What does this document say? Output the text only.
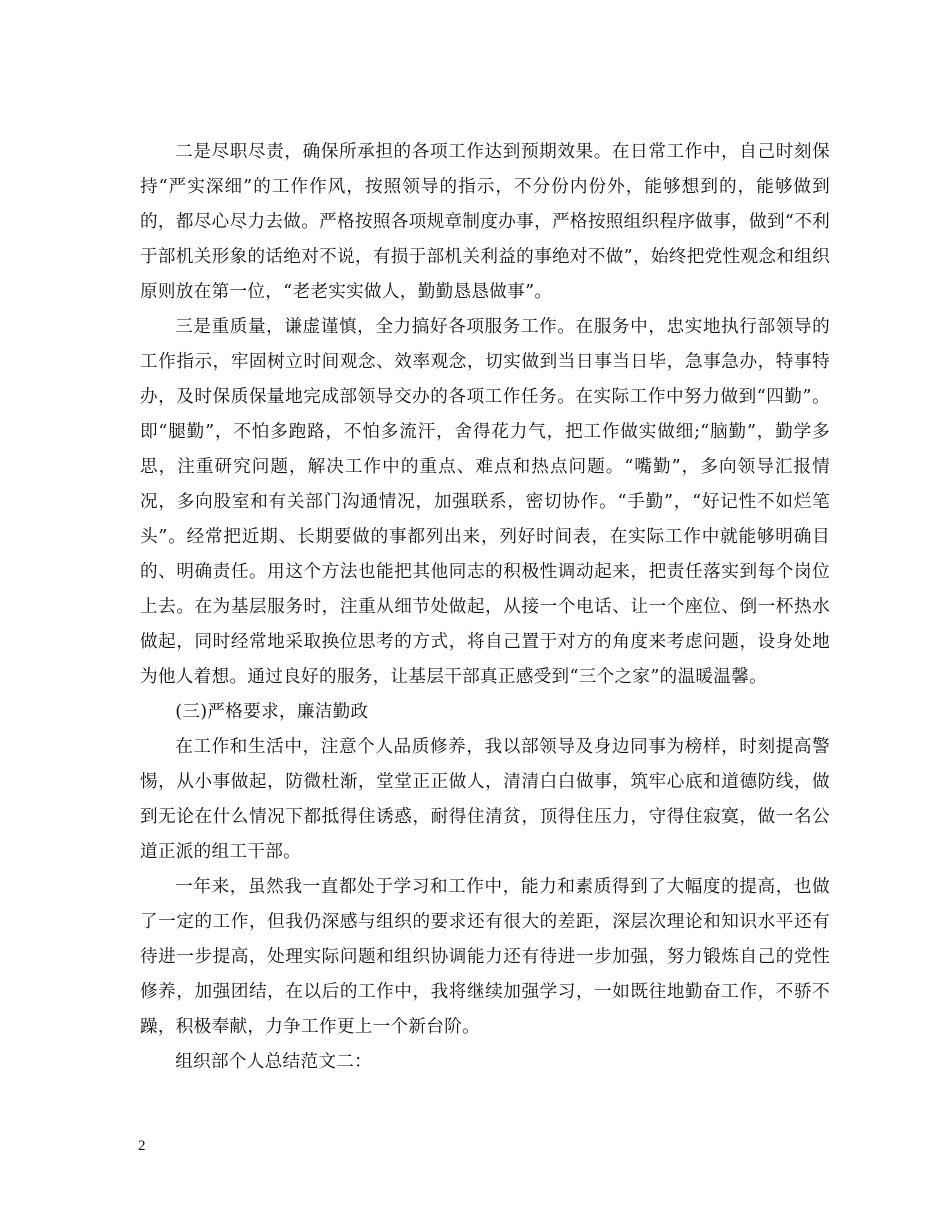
二是尽职尽责，确保所承担的各项工作达到预期效果。在日常工作中，自己时刻保持“严实深细”的工作作风，按照领导的指示，不分份内份外，能够想到的，能够做到的，都尽心尽力去做。严格按照各项规章制度办事，严格按照组织程序做事，做到“不利于部机关形象的话绝对不说，有损于部机关利益的事绝对不做”，始终把党性观念和组织原则放在第一位，“老老实实做人，勤勤恳恳做事”。

三是重质量，谦虚谨慎，全力搞好各项服务工作。在服务中，忠实地执行部领导的工作指示，牢固树立时间观念、效率观念，切实做到当日事当日毕，急事急办，特事特办，及时保质保量地完成部领导交办的各项工作任务。在实际工作中努力做到“四勤”。即“腿勤”，不怕多跑路，不怕多流汗，舍得花力气，把工作做实做细;“脑勤”，勤学多思，注重研究问题，解决工作中的重点、难点和热点问题。“嘴勤”，多向领导汇报情况，多向股室和有关部门沟通情况，加强联系，密切协作。“手勤”，“好记性不如烂笔头”。经常把近期、长期要做的事都列出来，列好时间表，在实际工作中就能够明确目的、明确责任。用这个方法也能把其他同志的积极性调动起来，把责任落实到每个岗位上去。在为基层服务时，注重从细节处做起，从接一个电话、让一个座位、倒一杯热水做起，同时经常地采取换位思考的方式，将自己置于对方的角度来考虑问题，设身处地为他人着想。通过良好的服务，让基层干部真正感受到“三个之家”的温暖温馨。

(三)严格要求，廉洁勤政

在工作和生活中，注意个人品质修养，我以部领导及身边同事为榜样，时刻提高警惕，从小事做起，防微杜渐，堂堂正正做人，清清白白做事，筑牢心底和道德防线，做到无论在什么情况下都抵得住诱惑，耐得住清贫，顶得住压力，守得住寂寞，做一名公道正派的组工干部。

一年来，虽然我一直都处于学习和工作中，能力和素质得到了大幅度的提高，也做了一定的工作，但我仍深感与组织的要求还有很大的差距，深层次理论和知识水平还有待进一步提高，处理实际问题和组织协调能力还有待进一步加强，努力锻炼自己的党性修养，加强团结，在以后的工作中，我将继续加强学习，一如既往地勤奋工作，不骄不躁，积极奉献，力争工作更上一个新台阶。

组织部个人总结范文二：

2
